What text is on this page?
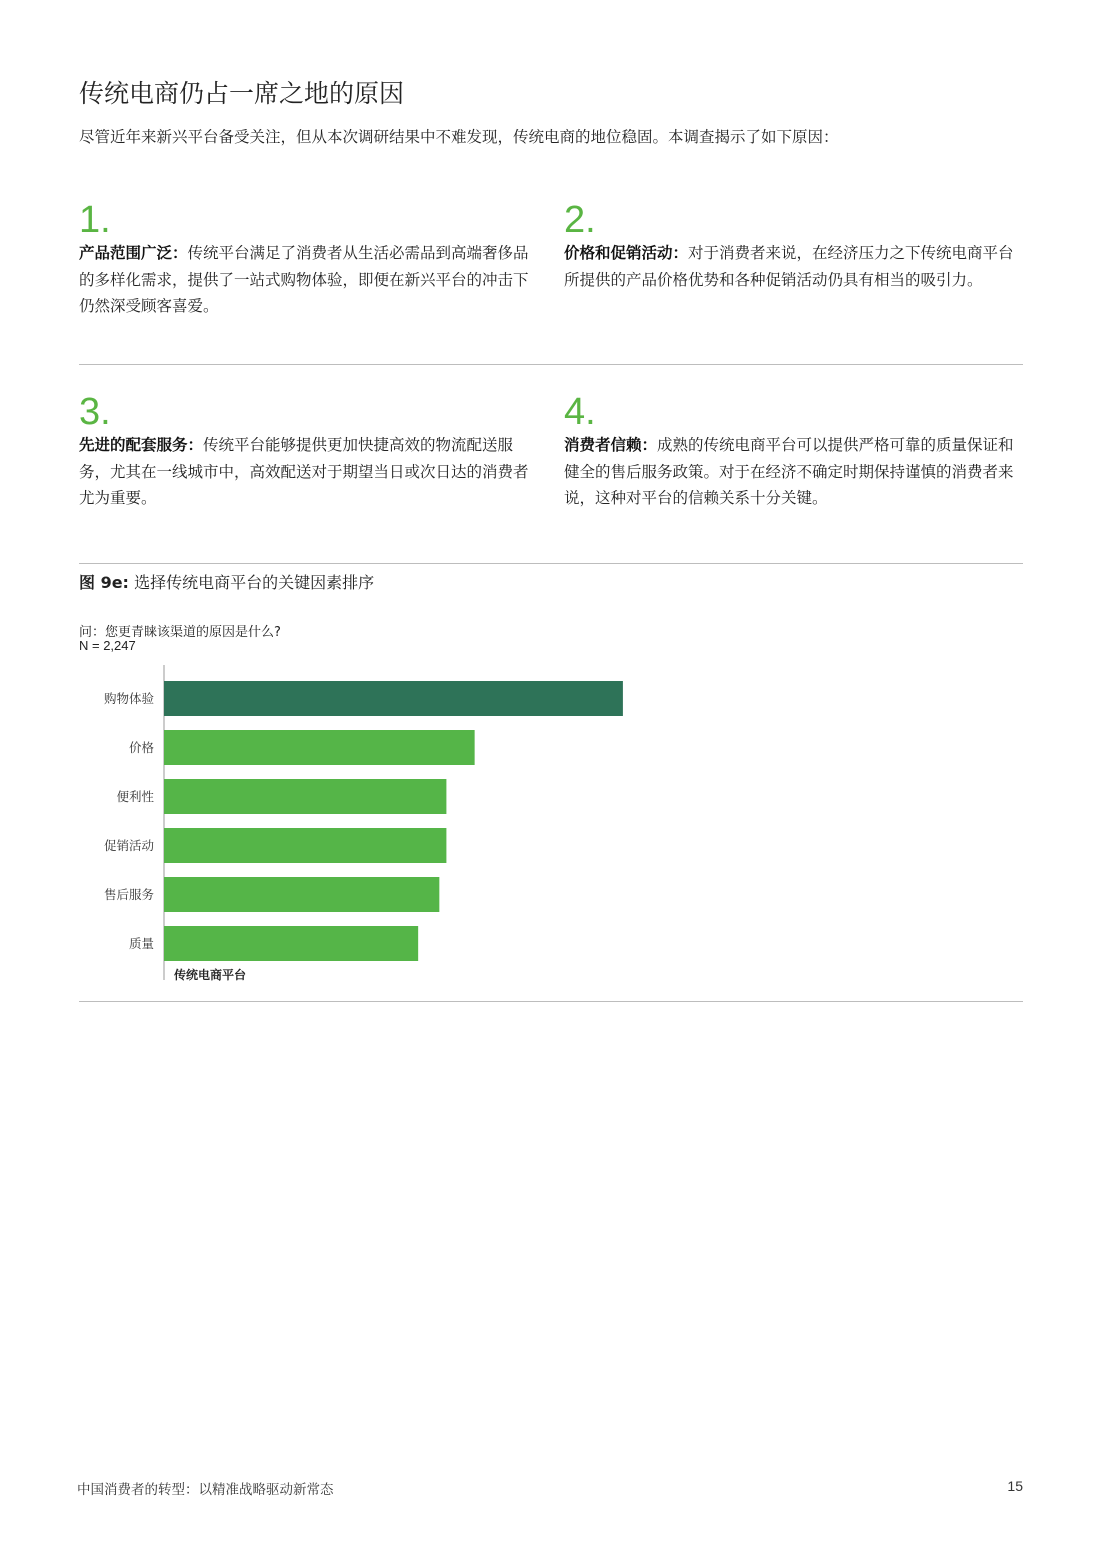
传统电商仍占一席之地的原因
尽管近年来新兴平台备受关注，但从本次调研结果中不难发现，传统电商的地位稳固。本调查揭示了如下原因：
1.
产品范围广泛：传统平台满足了消费者从生活必需品到高端奢侈品的多样化需求，提供了一站式购物体验，即便在新兴平台的冲击下仍然深受顾客喜爱。
2.
价格和促销活动：对于消费者来说，在经济压力之下传统电商平台所提供的产品价格优势和各种促销活动仍具有相当的吸引力。
3.
先进的配套服务：传统平台能够提供更加快捷高效的物流配送服务，尤其在一线城市中，高效配送对于期望当日或次日达的消费者尤为重要。
4.
消费者信赖：成熟的传统电商平台可以提供严格可靠的质量保证和健全的售后服务政策。对于在经济不确定时期保持谨慎的消费者来说，这种对平台的信赖关系十分关键。
图 9e: 选择传统电商平台的关键因素排序
问：您更青睐该渠道的原因是什么?
N = 2,247
购物体验
价格
便利性
促销活动
售后服务
质量
传统电商平台
中国消费者的转型：以精准战略驱动新常态	15
